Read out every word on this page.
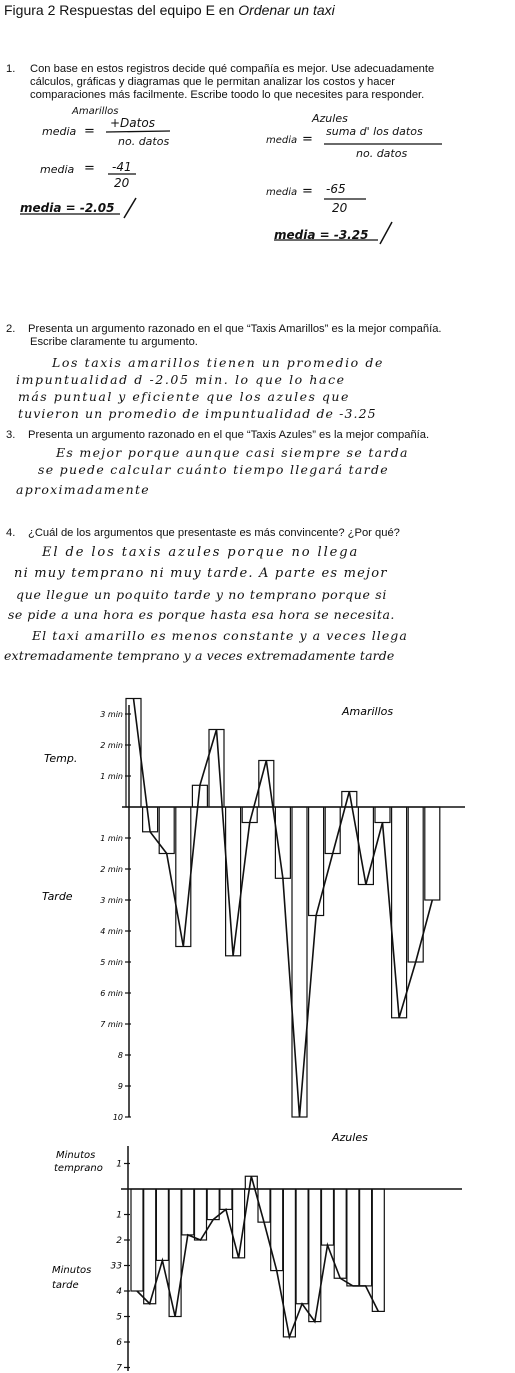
Figura 2 Respuestas del equipo E en Ordenar un taxi
1. Con base en estos registros decide qué compañía es mejor. Use adecuadamente
cálculos, gráficas y diagramas que le permitan analizar los costos y hacer
comparaciones más facilmente. Escribe toodo lo que necesites para responder.
Amarillos
media =
+Datos
no. datos
media = -41
20
media = -2.05
Azules
media =
suma d' los datos
no. datos
media = -65
20
media = -3.25
2. Presenta un argumento razonado en el que “Taxis Amarillos” es la mejor compañía.
Escribe claramente tu argumento.
Los taxis amarillos tienen un promedio de
impuntualidad d -2.05 min. lo que lo hace
más puntual y eficiente que los azules que
tuvieron un promedio de impuntualidad de -3.25
3. Presenta un argumento razonado en el que “Taxis Azules” es la mejor compañía.
Es mejor porque aunque casi siempre se tarda
se puede calcular cuánto tiempo llegará tarde
aproximadamente
4. ¿Cuál de los argumentos que presentaste es más convincente? ¿Por qué?
El de los taxis azules porque no llega
ni muy temprano ni muy tarde. A parte es mejor
que llegue un poquito tarde y no temprano porque si
se pide a una hora es porque hasta esa hora se necesita.
El taxi amarillo es menos constante y a veces llega
extremadamente temprano y a veces extremadamente tarde
Amarillos
Temp.
Tarde
3 min
2 min
1 min
1 min
2 min
3 min
4 min
5 min
6 min
7 min
8
9
10
Azules
Minutos
temprano
Minutos
tarde
1
1
2
33
4
5
6
7
